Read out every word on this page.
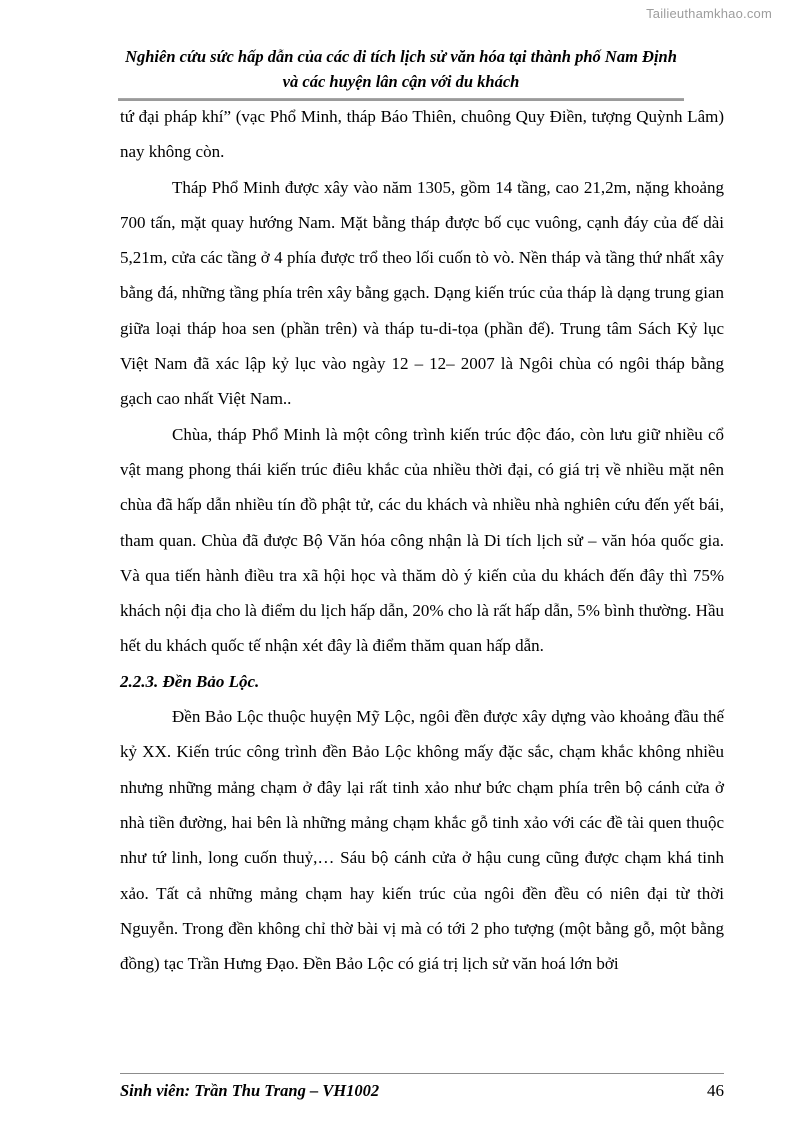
Tailieuthamkhao.com
Nghiên cứu sức hấp dẫn của các di tích lịch sử văn hóa tại thành phố Nam Định và các huyện lân cận với du khách

tứ đại pháp khí” (vạc Phổ Minh, tháp Báo Thiên, chuông Quy Điền, tượng Quỳnh Lâm) nay không còn.

Tháp Phổ Minh được xây vào năm 1305, gồm 14 tầng, cao 21,2m, nặng khoảng 700 tấn, mặt quay hướng Nam. Mặt bằng tháp được bố cục vuông, cạnh đáy của đế dài 5,21m, cửa các tầng ở 4 phía được trổ theo lối cuốn tò vò. Nền tháp và tầng thứ nhất xây bằng đá, những tầng phía trên xây bằng gạch. Dạng kiến trúc của tháp là dạng trung gian giữa loại tháp hoa sen (phần trên) và tháp tu-di-tọa (phần đế). Trung tâm Sách Kỷ lục Việt Nam đã xác lập kỷ lục vào ngày 12 – 12– 2007 là Ngôi chùa có ngôi tháp bằng gạch cao nhất Việt Nam..

Chùa, tháp Phổ Minh là một công trình kiến trúc độc đáo, còn lưu giữ nhiều cổ vật mang phong thái kiến trúc điêu khắc của nhiều thời đại, có giá trị về nhiều mặt nên chùa đã hấp dẫn nhiều tín đồ phật tử, các du khách và nhiều nhà nghiên cứu đến yết bái, tham quan. Chùa đã được Bộ Văn hóa công nhận là Di tích lịch sử – văn hóa quốc gia. Và qua tiến hành điều tra xã hội học và thăm dò ý kiến của du khách đến đây thì 75% khách nội địa cho là điểm du lịch hấp dẫn, 20% cho là rất hấp dẫn, 5% bình thường. Hầu hết du khách quốc tế nhận xét đây là điểm thăm quan hấp dẫn.

2.2.3. Đền Bảo Lộc.

Đền Bảo Lộc thuộc huyện Mỹ Lộc, ngôi đền được xây dựng vào khoảng đầu thế kỷ XX. Kiến trúc công trình đền Bảo Lộc không mấy đặc sắc, chạm khắc không nhiều nhưng những mảng chạm ở đây lại rất tinh xảo như bức chạm phía trên bộ cánh cửa ở nhà tiền đường, hai bên là những mảng chạm khắc gỗ tinh xảo với các đề tài quen thuộc như tứ linh, long cuốn thuỷ,… Sáu bộ cánh cửa ở hậu cung cũng được chạm khá tinh xảo. Tất cả những mảng chạm hay kiến trúc của ngôi đền đều có niên đại từ thời Nguyễn. Trong đền không chỉ thờ bài vị mà có tới 2 pho tượng (một bằng gỗ, một bằng đồng) tạc Trần Hưng Đạo. Đền Bảo Lộc có giá trị lịch sử văn hoá lớn bởi

Sinh viên: Trần Thu Trang – VH1002	46
